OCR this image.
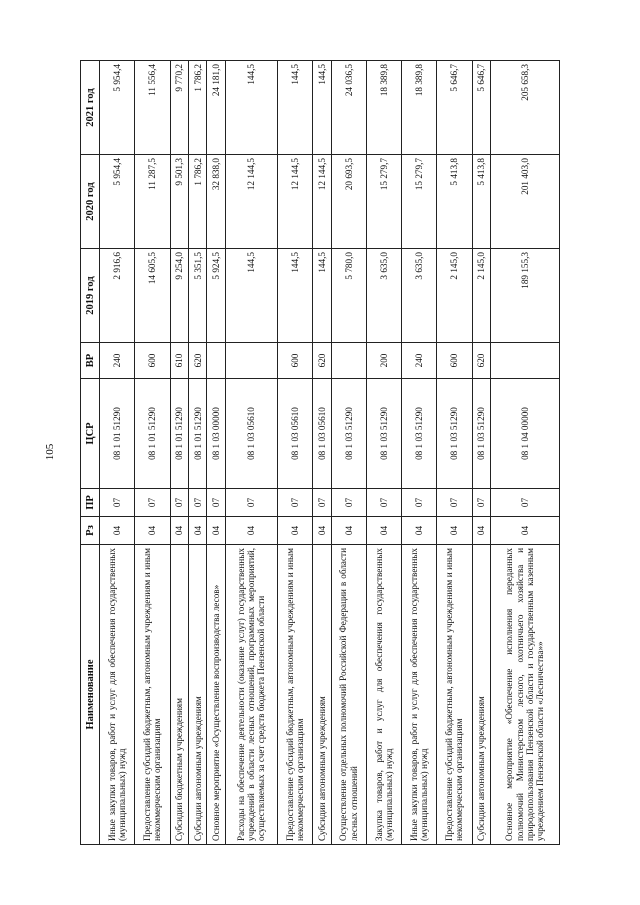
105
Наименование	Рз	ПР	ЦСР	ВР	2019 год	2020 год	2021 год
Иные закупки товаров, работ и услуг для обеспечения государственных (муниципальных) нужд	04	07	08 1 01 51290	240	2 916,6	5 954,4	5 954,4
Предоставление субсидий бюджетным, автономным учреждениям и иным некоммерческим организациям	04	07	08 1 01 51290	600	14 605,5	11 287,5	11 556,4
Субсидии бюджетным учреждениям	04	07	08 1 01 51290	610	9 254,0	9 501,3	9 770,2
Субсидии автономным учреждениям	04	07	08 1 01 51290	620	5 351,5	1 786,2	1 786,2
Основное мероприятие «Осуществление воспроизводства лесов»	04	07	08 1 03 00000		5 924,5	32 838,0	24 181,0
Расходы на обеспечение деятельности (оказание услуг) государственных учреждений в области лесных отношений, программных мероприятий, осуществляемых за счет средств бюджета Пензенской области	04	07	08 1 03 05610		144,5	12 144,5	144,5
Предоставление субсидий бюджетным, автономным учреждениям и иным некоммерческим организациям	04	07	08 1 03 05610	600	144,5	12 144,5	144,5
Субсидии автономным учреждениям	04	07	08 1 03 05610	620	144,5	12 144,5	144,5
Осуществление отдельных полномочий Российской Федерации в области лесных отношений	04	07	08 1 03 51290		5 780,0	20 693,5	24 036,5
Закупка товаров, работ и услуг для обеспечения государственных (муниципальных) нужд	04	07	08 1 03 51290	200	3 635,0	15 279,7	18 389,8
Иные закупки товаров, работ и услуг для обеспечения государственных (муниципальных) нужд	04	07	08 1 03 51290	240	3 635,0	15 279,7	18 389,8
Предоставление субсидий бюджетным, автономным учреждениям и иным некоммерческим организациям	04	07	08 1 03 51290	600	2 145,0	5 413,8	5 646,7
Субсидии автономным учреждениям	04	07	08 1 03 51290	620	2 145,0	5 413,8	5 646,7
Основное мероприятие «Обеспечение исполнения переданных полномочий Министерством лесного, охотничьего хозяйства и природопользования Пензенской области и государственным казенным учреждением Пензенской области «Лесничества»»	04	07	08 1 04 00000		189 155,3	201 403,0	205 658,3
